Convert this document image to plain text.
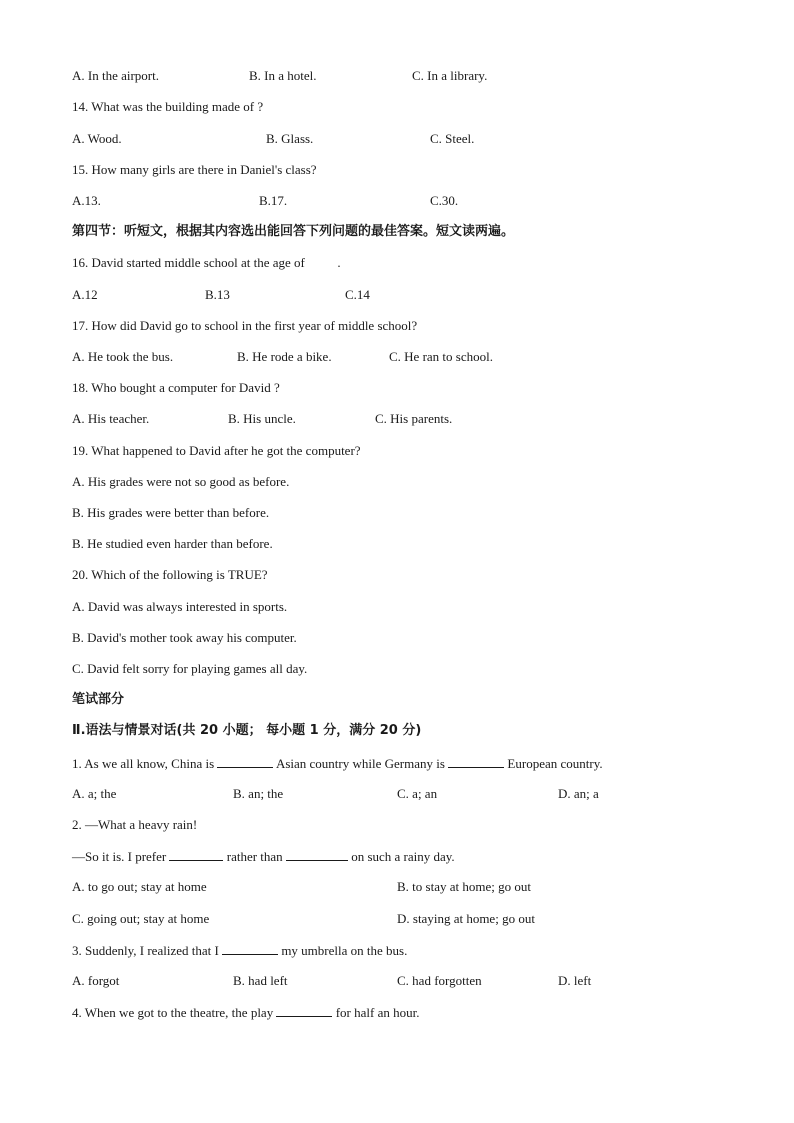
A. In the airport.	B. In a hotel.	C. In a library.
14. What was the building made of ?
A. Wood.	B. Glass.	C. Steel.
15. How many girls are there in Daniel's class?
A.13.	B.17.	C.30.
第四节：听短文，根据其内容选出能回答下列问题的最佳答案。短文读两遍。
16. David started middle school at the age of	.
A.12	B.13	C.14
17. How did David go to school in the first year of middle school?
A. He took the bus.	B. He rode a bike.	C. He ran to school.
18. Who bought a computer for David ?
A. His teacher.	B. His uncle.	C. His parents.
19. What happened to David after he got the computer?
A. His grades were not so good as before.
B. His grades were better than before.
B. He studied even harder than before.
20. Which of the following is TRUE?
A. David was always interested in sports.
B. David's mother took away his computer.
C. David felt sorry for playing games all day.
笔试部分
Ⅱ.语法与情景对话(共 20 小题； 每小题 1 分，满分 20 分)
1. As we all know, China is	Asian country while Germany is	European country.
A. a; the	B. an; the	C. a; an	D. an; a
2. —What a heavy rain!
—So it is. I prefer	rather than	on such a rainy day.
A. to go out; stay at home	B. to stay at home; go out
C. going out; stay at home	D. staying at home; go out
3. Suddenly, I realized that I	my umbrella on the bus.
A. forgot	B. had left	C. had forgotten	D. left
4. When we got to the theatre, the play	for half an hour.
